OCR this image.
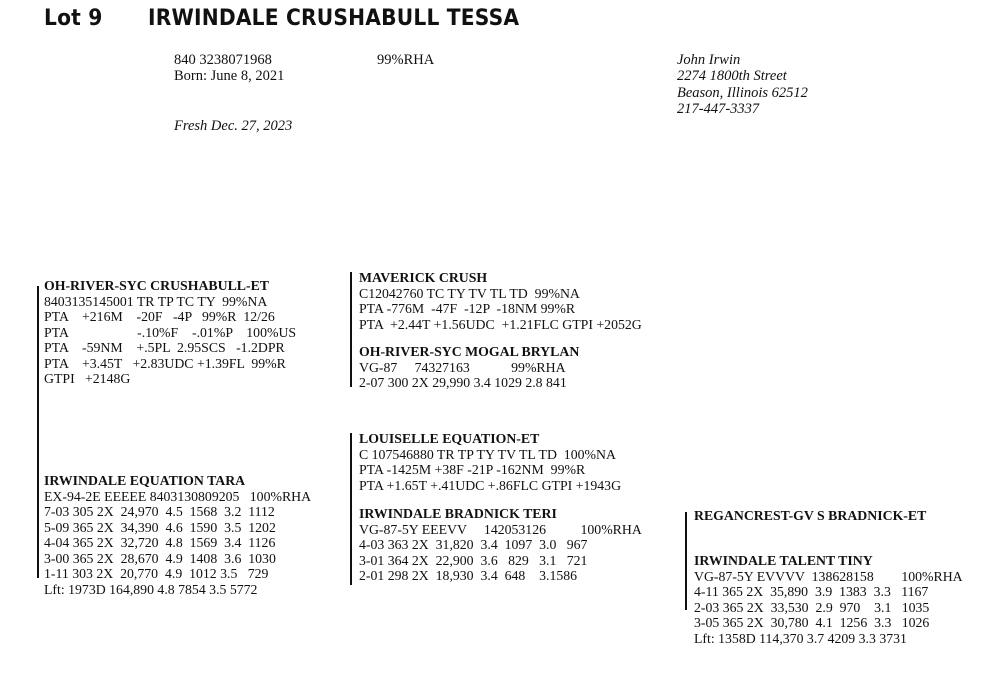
Lot 9 IRWINDALE CRUSHABULL TESSA
840 3238071968
Born: June 8, 2021
99%RHA
Fresh Dec. 27, 2023
John Irwin
2274 1800th Street
Beason, Illinois 62512
217-447-3337
OH-RIVER-SYC CRUSHABULL-ET
8403135145001 TR TP TC TY  99%NA
PTA    +216M    -20F   -4P   99%R  12/26
PTA                    -.10%F    -.01%P    100%US
PTA    -59NM    +.5PL  2.95SCS   -1.2DPR
PTA    +3.45T   +2.83UDC +1.39FL  99%R
GTPI   +2148G
MAVERICK CRUSH
C12042760 TC TY TV TL TD  99%NA
PTA -776M  -47F  -12P  -18NM 99%R
PTA  +2.44T +1.56UDC  +1.21FLC GTPI +2052G
OH-RIVER-SYC MOGAL BRYLAN
VG-87     74327163            99%RHA
2-07 300 2X 29,990 3.4 1029 2.8 841
IRWINDALE EQUATION TARA
EX-94-2E EEEEE 8403130809205   100%RHA
7-03 305 2X  24,970  4.5  1568  3.2  1112
5-09 365 2X  34,390  4.6  1590  3.5  1202
4-04 365 2X  32,720  4.8  1569  3.4  1126
3-00 365 2X  28,670  4.9  1408  3.6  1030
1-11 303 2X  20,770  4.9  1012 3.5   729
Lft: 1973D 164,890 4.8 7854 3.5 5772
LOUISELLE EQUATION-ET
C 107546880 TR TP TY TV TL TD  100%NA
PTA -1425M +38F -21P -162NM  99%R
PTA +1.65T +.41UDC +.86FLC GTPI +1943G
IRWINDALE BRADNICK TERI
VG-87-5Y EEEVV     142053126          100%RHA
4-03 363 2X  31,820  3.4  1097  3.0   967
3-01 364 2X  22,900  3.6   829   3.1   721
2-01 298 2X  18,930  3.4  648    3.1586
REGANCREST-GV S BRADNICK-ET
IRWINDALE TALENT TINY
VG-87-5Y EVVVV  138628158        100%RHA
4-11 365 2X  35,890  3.9  1383  3.3   1167
2-03 365 2X  33,530  2.9  970    3.1   1035
3-05 365 2X  30,780  4.1  1256  3.3   1026
Lft: 1358D 114,370 3.7 4209 3.3 3731
